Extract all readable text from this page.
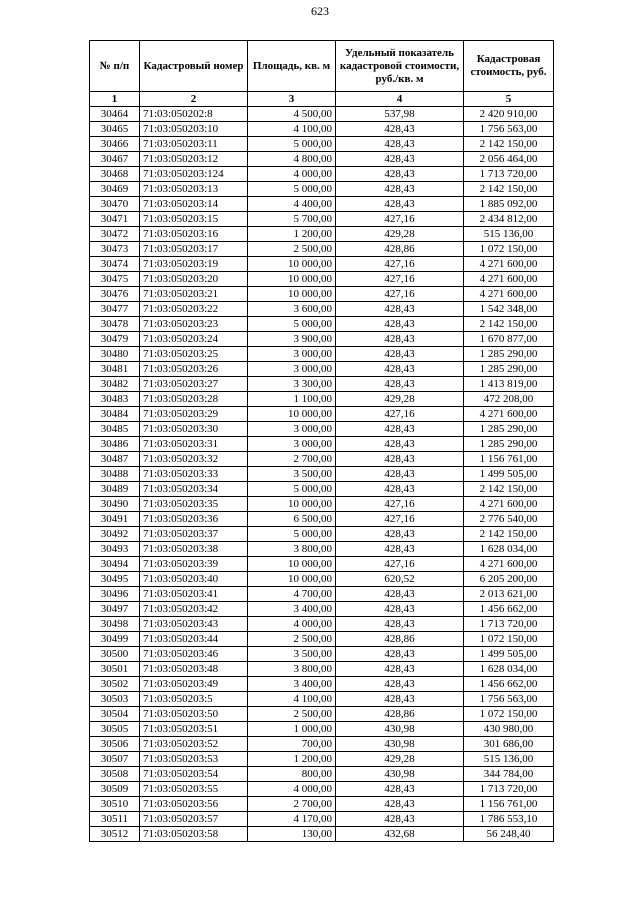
623
№ п/п	Кадастровый номер	Площадь, кв. м	Удельный показатель кадастровой стоимости, руб./кв. м	Кадастровая стоимость, руб.
1	2	3	4	5
30464	71:03:050202:8	4 500,00	537,98	2 420 910,00
30465	71:03:050203:10	4 100,00	428,43	1 756 563,00
30466	71:03:050203:11	5 000,00	428,43	2 142 150,00
30467	71:03:050203:12	4 800,00	428,43	2 056 464,00
30468	71:03:050203:124	4 000,00	428,43	1 713 720,00
30469	71:03:050203:13	5 000,00	428,43	2 142 150,00
30470	71:03:050203:14	4 400,00	428,43	1 885 092,00
30471	71:03:050203:15	5 700,00	427,16	2 434 812,00
30472	71:03:050203:16	1 200,00	429,28	515 136,00
30473	71:03:050203:17	2 500,00	428,86	1 072 150,00
30474	71:03:050203:19	10 000,00	427,16	4 271 600,00
30475	71:03:050203:20	10 000,00	427,16	4 271 600,00
30476	71:03:050203:21	10 000,00	427,16	4 271 600,00
30477	71:03:050203:22	3 600,00	428,43	1 542 348,00
30478	71:03:050203:23	5 000,00	428,43	2 142 150,00
30479	71:03:050203:24	3 900,00	428,43	1 670 877,00
30480	71:03:050203:25	3 000,00	428,43	1 285 290,00
30481	71:03:050203:26	3 000,00	428,43	1 285 290,00
30482	71:03:050203:27	3 300,00	428,43	1 413 819,00
30483	71:03:050203:28	1 100,00	429,28	472 208,00
30484	71:03:050203:29	10 000,00	427,16	4 271 600,00
30485	71:03:050203:30	3 000,00	428,43	1 285 290,00
30486	71:03:050203:31	3 000,00	428,43	1 285 290,00
30487	71:03:050203:32	2 700,00	428,43	1 156 761,00
30488	71:03:050203:33	3 500,00	428,43	1 499 505,00
30489	71:03:050203:34	5 000,00	428,43	2 142 150,00
30490	71:03:050203:35	10 000,00	427,16	4 271 600,00
30491	71:03:050203:36	6 500,00	427,16	2 776 540,00
30492	71:03:050203:37	5 000,00	428,43	2 142 150,00
30493	71:03:050203:38	3 800,00	428,43	1 628 034,00
30494	71:03:050203:39	10 000,00	427,16	4 271 600,00
30495	71:03:050203:40	10 000,00	620,52	6 205 200,00
30496	71:03:050203:41	4 700,00	428,43	2 013 621,00
30497	71:03:050203:42	3 400,00	428,43	1 456 662,00
30498	71:03:050203:43	4 000,00	428,43	1 713 720,00
30499	71:03:050203:44	2 500,00	428,86	1 072 150,00
30500	71:03:050203:46	3 500,00	428,43	1 499 505,00
30501	71:03:050203:48	3 800,00	428,43	1 628 034,00
30502	71:03:050203:49	3 400,00	428,43	1 456 662,00
30503	71:03:050203:5	4 100,00	428,43	1 756 563,00
30504	71:03:050203:50	2 500,00	428,86	1 072 150,00
30505	71:03:050203:51	1 000,00	430,98	430 980,00
30506	71:03:050203:52	700,00	430,98	301 686,00
30507	71:03:050203:53	1 200,00	429,28	515 136,00
30508	71:03:050203:54	800,00	430,98	344 784,00
30509	71:03:050203:55	4 000,00	428,43	1 713 720,00
30510	71:03:050203:56	2 700,00	428,43	1 156 761,00
30511	71:03:050203:57	4 170,00	428,43	1 786 553,10
30512	71:03:050203:58	130,00	432,68	56 248,40
